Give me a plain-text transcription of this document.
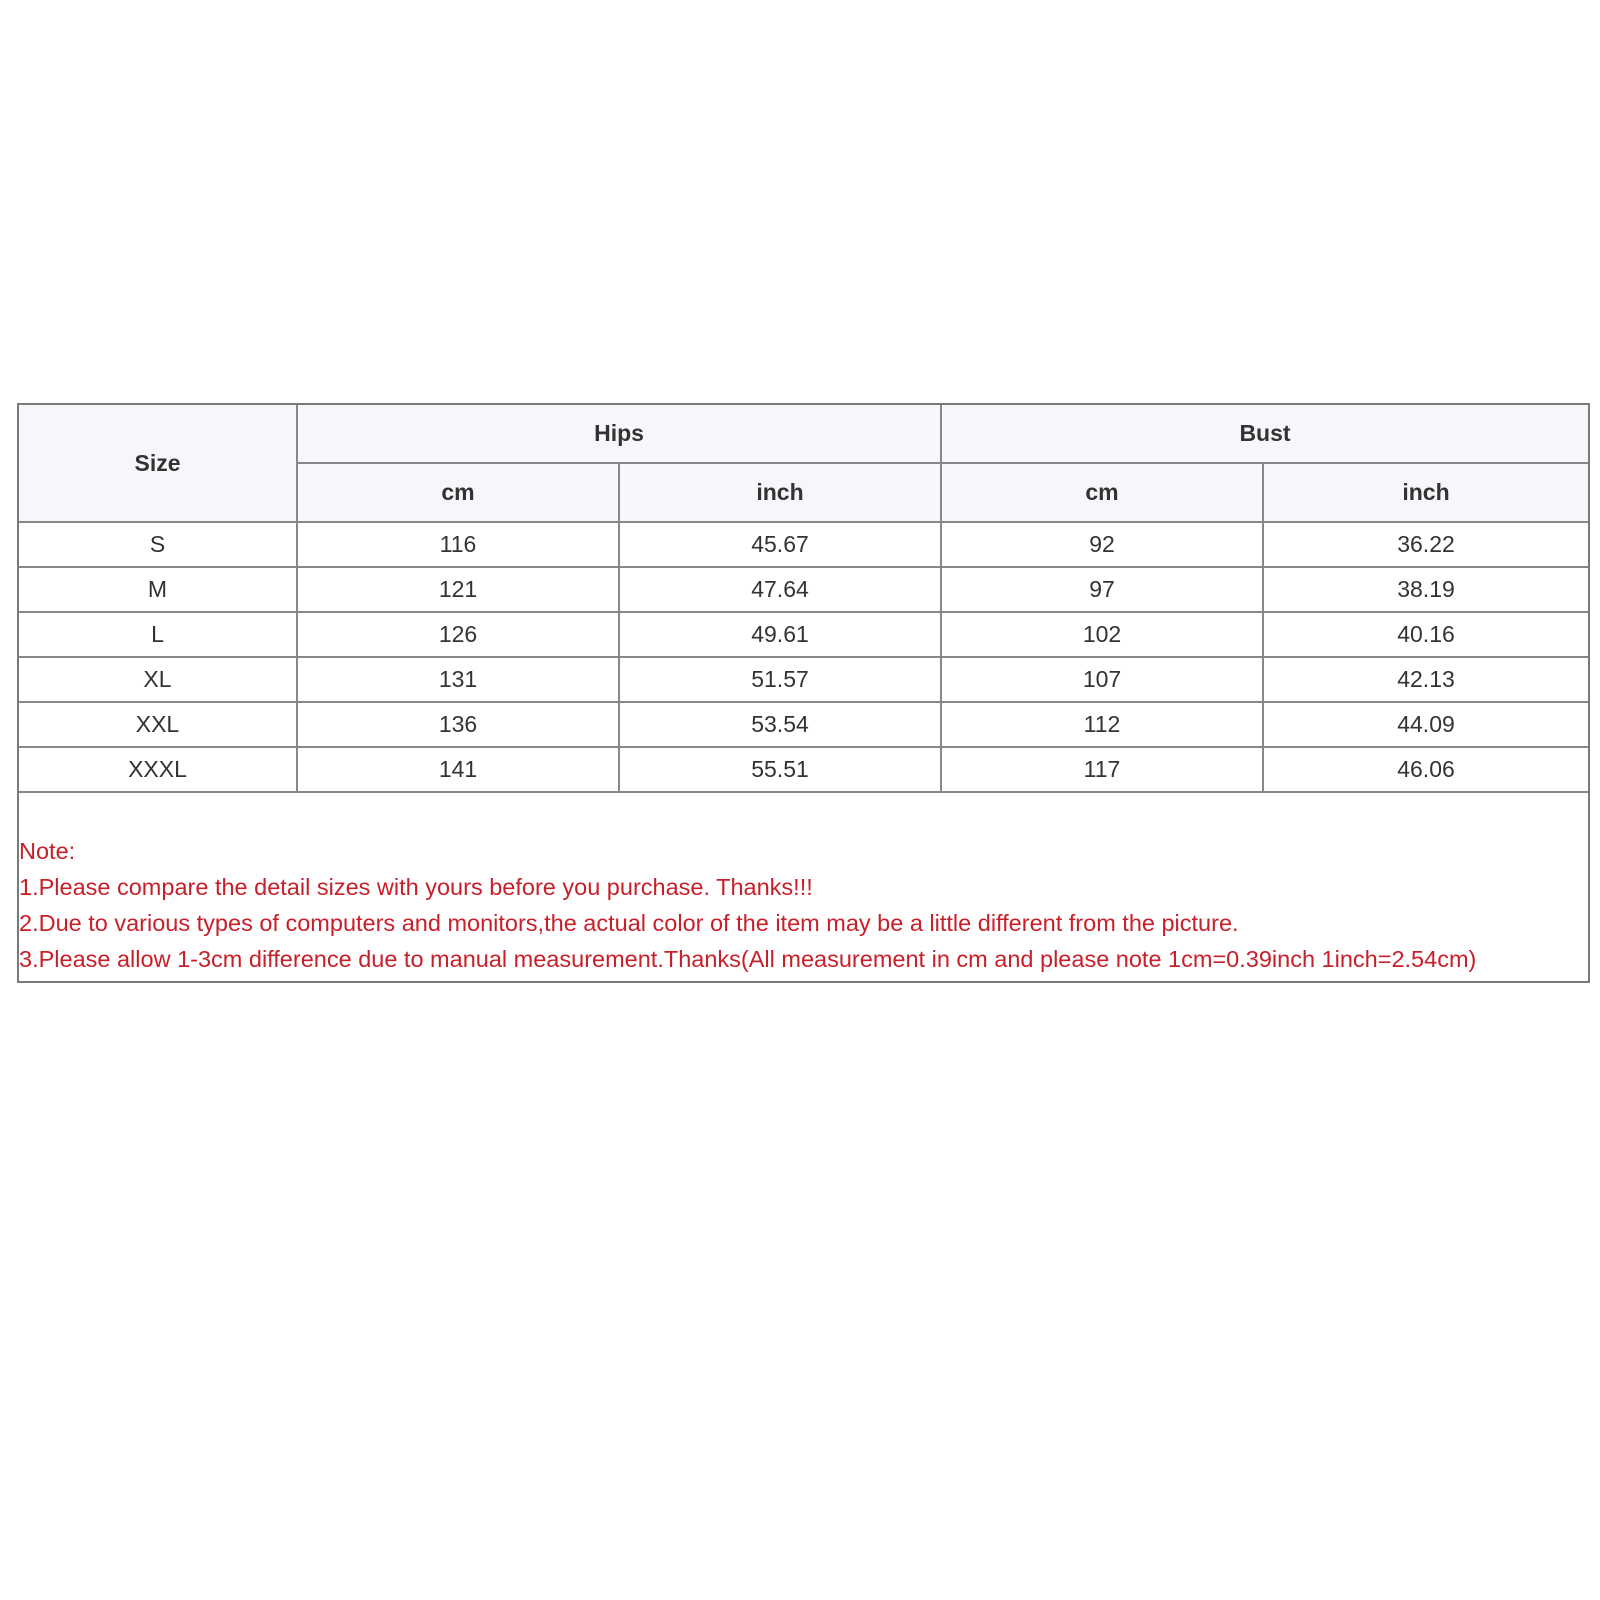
Size	Hips		Bust	
	cm	inch	cm	inch
S	116	45.67	92	36.22
M	121	47.64	97	38.19
L	126	49.61	102	40.16
XL	131	51.57	107	42.13
XXL	136	53.54	112	44.09
XXXL	141	55.51	117	46.06
Note:
1.Please compare the detail sizes with yours before you purchase. Thanks!!!
2.Due to various types of computers and monitors,the actual color of the item may be a little different from the picture.
3.Please allow 1-3cm difference due to manual measurement.Thanks(All measurement in cm and please note 1cm=0.39inch 1inch=2.54cm)
